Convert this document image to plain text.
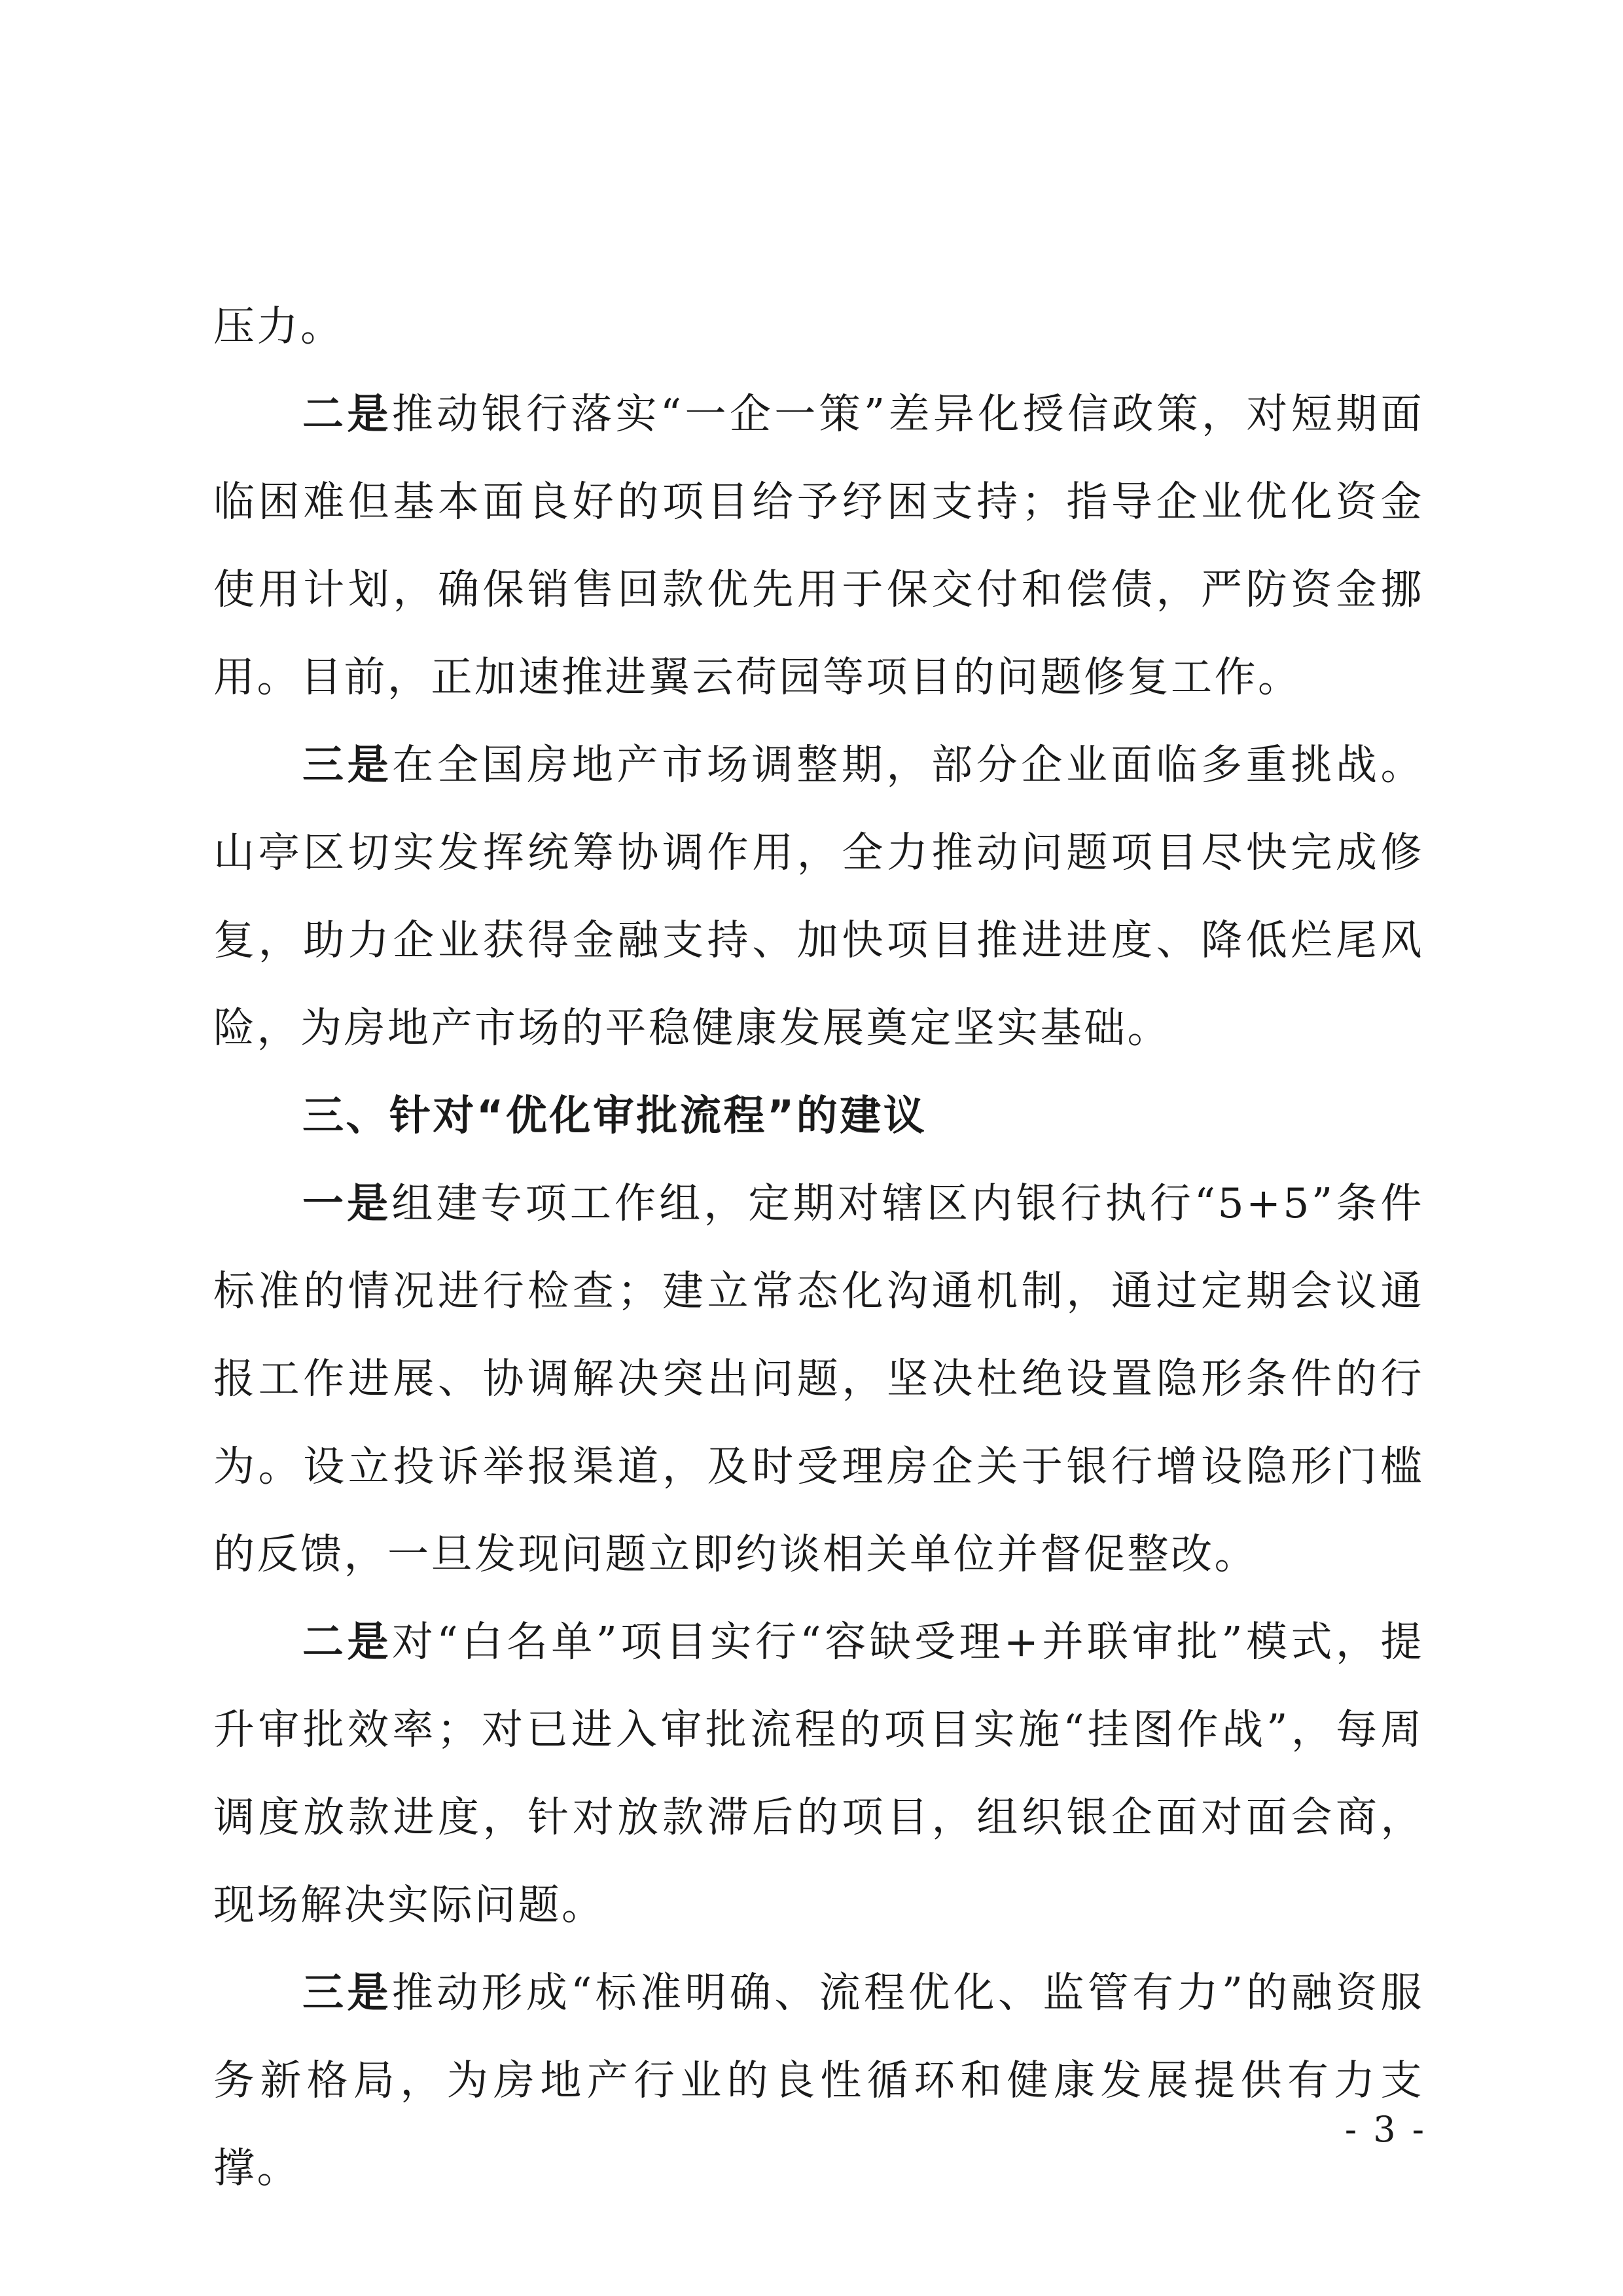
压力。

二是推动银行落实“一企一策”差异化授信政策，对短期面临困难但基本面良好的项目给予纾困支持；指导企业优化资金使用计划，确保销售回款优先用于保交付和偿债，严防资金挪用。目前，正加速推进翼云荷园等项目的问题修复工作。

三是在全国房地产市场调整期，部分企业面临多重挑战。山亭区切实发挥统筹协调作用，全力推动问题项目尽快完成修复，助力企业获得金融支持、加快项目推进进度、降低烂尾风险，为房地产市场的平稳健康发展奠定坚实基础。

三、针对“优化审批流程”的建议

一是组建专项工作组，定期对辖区内银行执行“5+5”条件标准的情况进行检查；建立常态化沟通机制，通过定期会议通报工作进展、协调解决突出问题，坚决杜绝设置隐形条件的行为。设立投诉举报渠道，及时受理房企关于银行增设隐形门槛的反馈，一旦发现问题立即约谈相关单位并督促整改。

二是对“白名单”项目实行“容缺受理+并联审批”模式，提升审批效率；对已进入审批流程的项目实施“挂图作战”，每周调度放款进度，针对放款滞后的项目，组织银企面对面会商，现场解决实际问题。

三是推动形成“标准明确、流程优化、监管有力”的融资服务新格局，为房地产行业的良性循环和健康发展提供有力支撑。

- 3 -
